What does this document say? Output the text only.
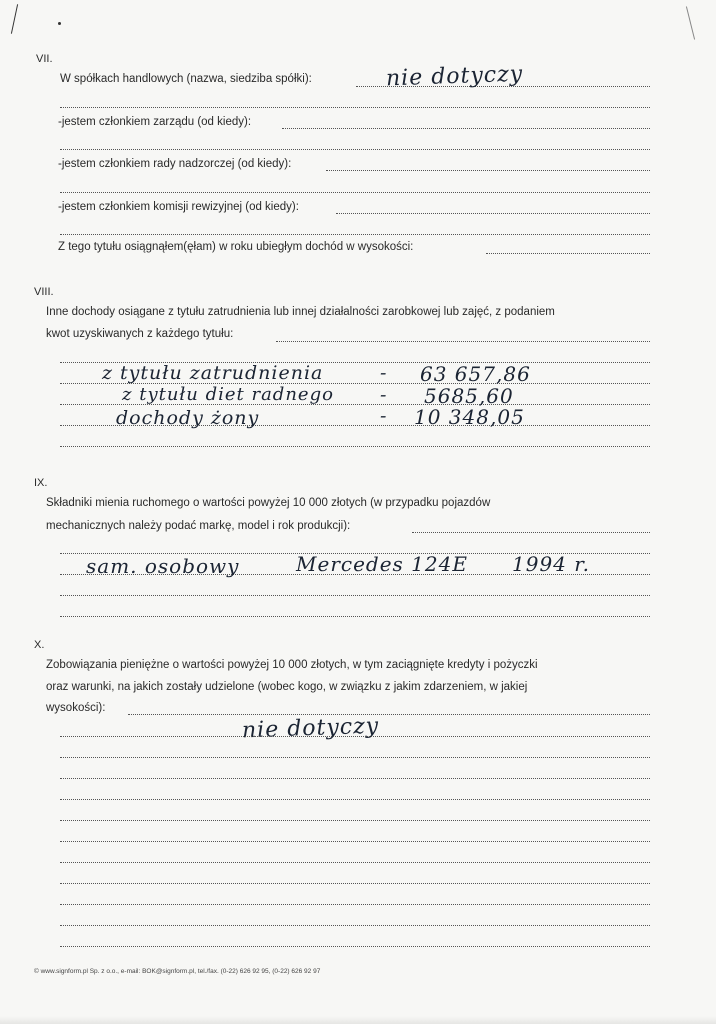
VII.
W spółkach handlowych (nazwa, siedziba spółki):	nie dotyczy
-jestem członkiem zarządu (od kiedy):
-jestem członkiem rady nadzorczej (od kiedy):
-jestem członkiem komisji rewizyjnej (od kiedy):
Z tego tytułu osiągnąłem(ęłam) w roku ubiegłym dochód w wysokości:
VIII.
Inne dochody osiągane z tytułu zatrudnienia lub innej działalności zarobkowej lub zajęć, z podaniem
kwot uzyskiwanych z każdego tytułu:
z tytułu zatrudnienia	- 63 657,86
z tytułu diet radnego - 5685,60
dochody żony	- 10 348,05
IX.
Składniki mienia ruchomego o wartości powyżej 10 000 złotych (w przypadku pojazdów
mechanicznych należy podać markę, model i rok produkcji):
sam. osobowy	Mercedes 124E 1994 r.
X.
Zobowiązania pieniężne o wartości powyżej 10 000 złotych, w tym zaciągnięte kredyty i pożyczki
oraz warunki, na jakich zostały udzielone (wobec kogo, w związku z jakim zdarzeniem, w jakiej
wysokości):
nie dotyczy
© www.signform.pl Sp. z o.o., e-mail: BOK@signform.pl, tel./fax. (0-22) 626 92 95, (0-22) 626 92 97
